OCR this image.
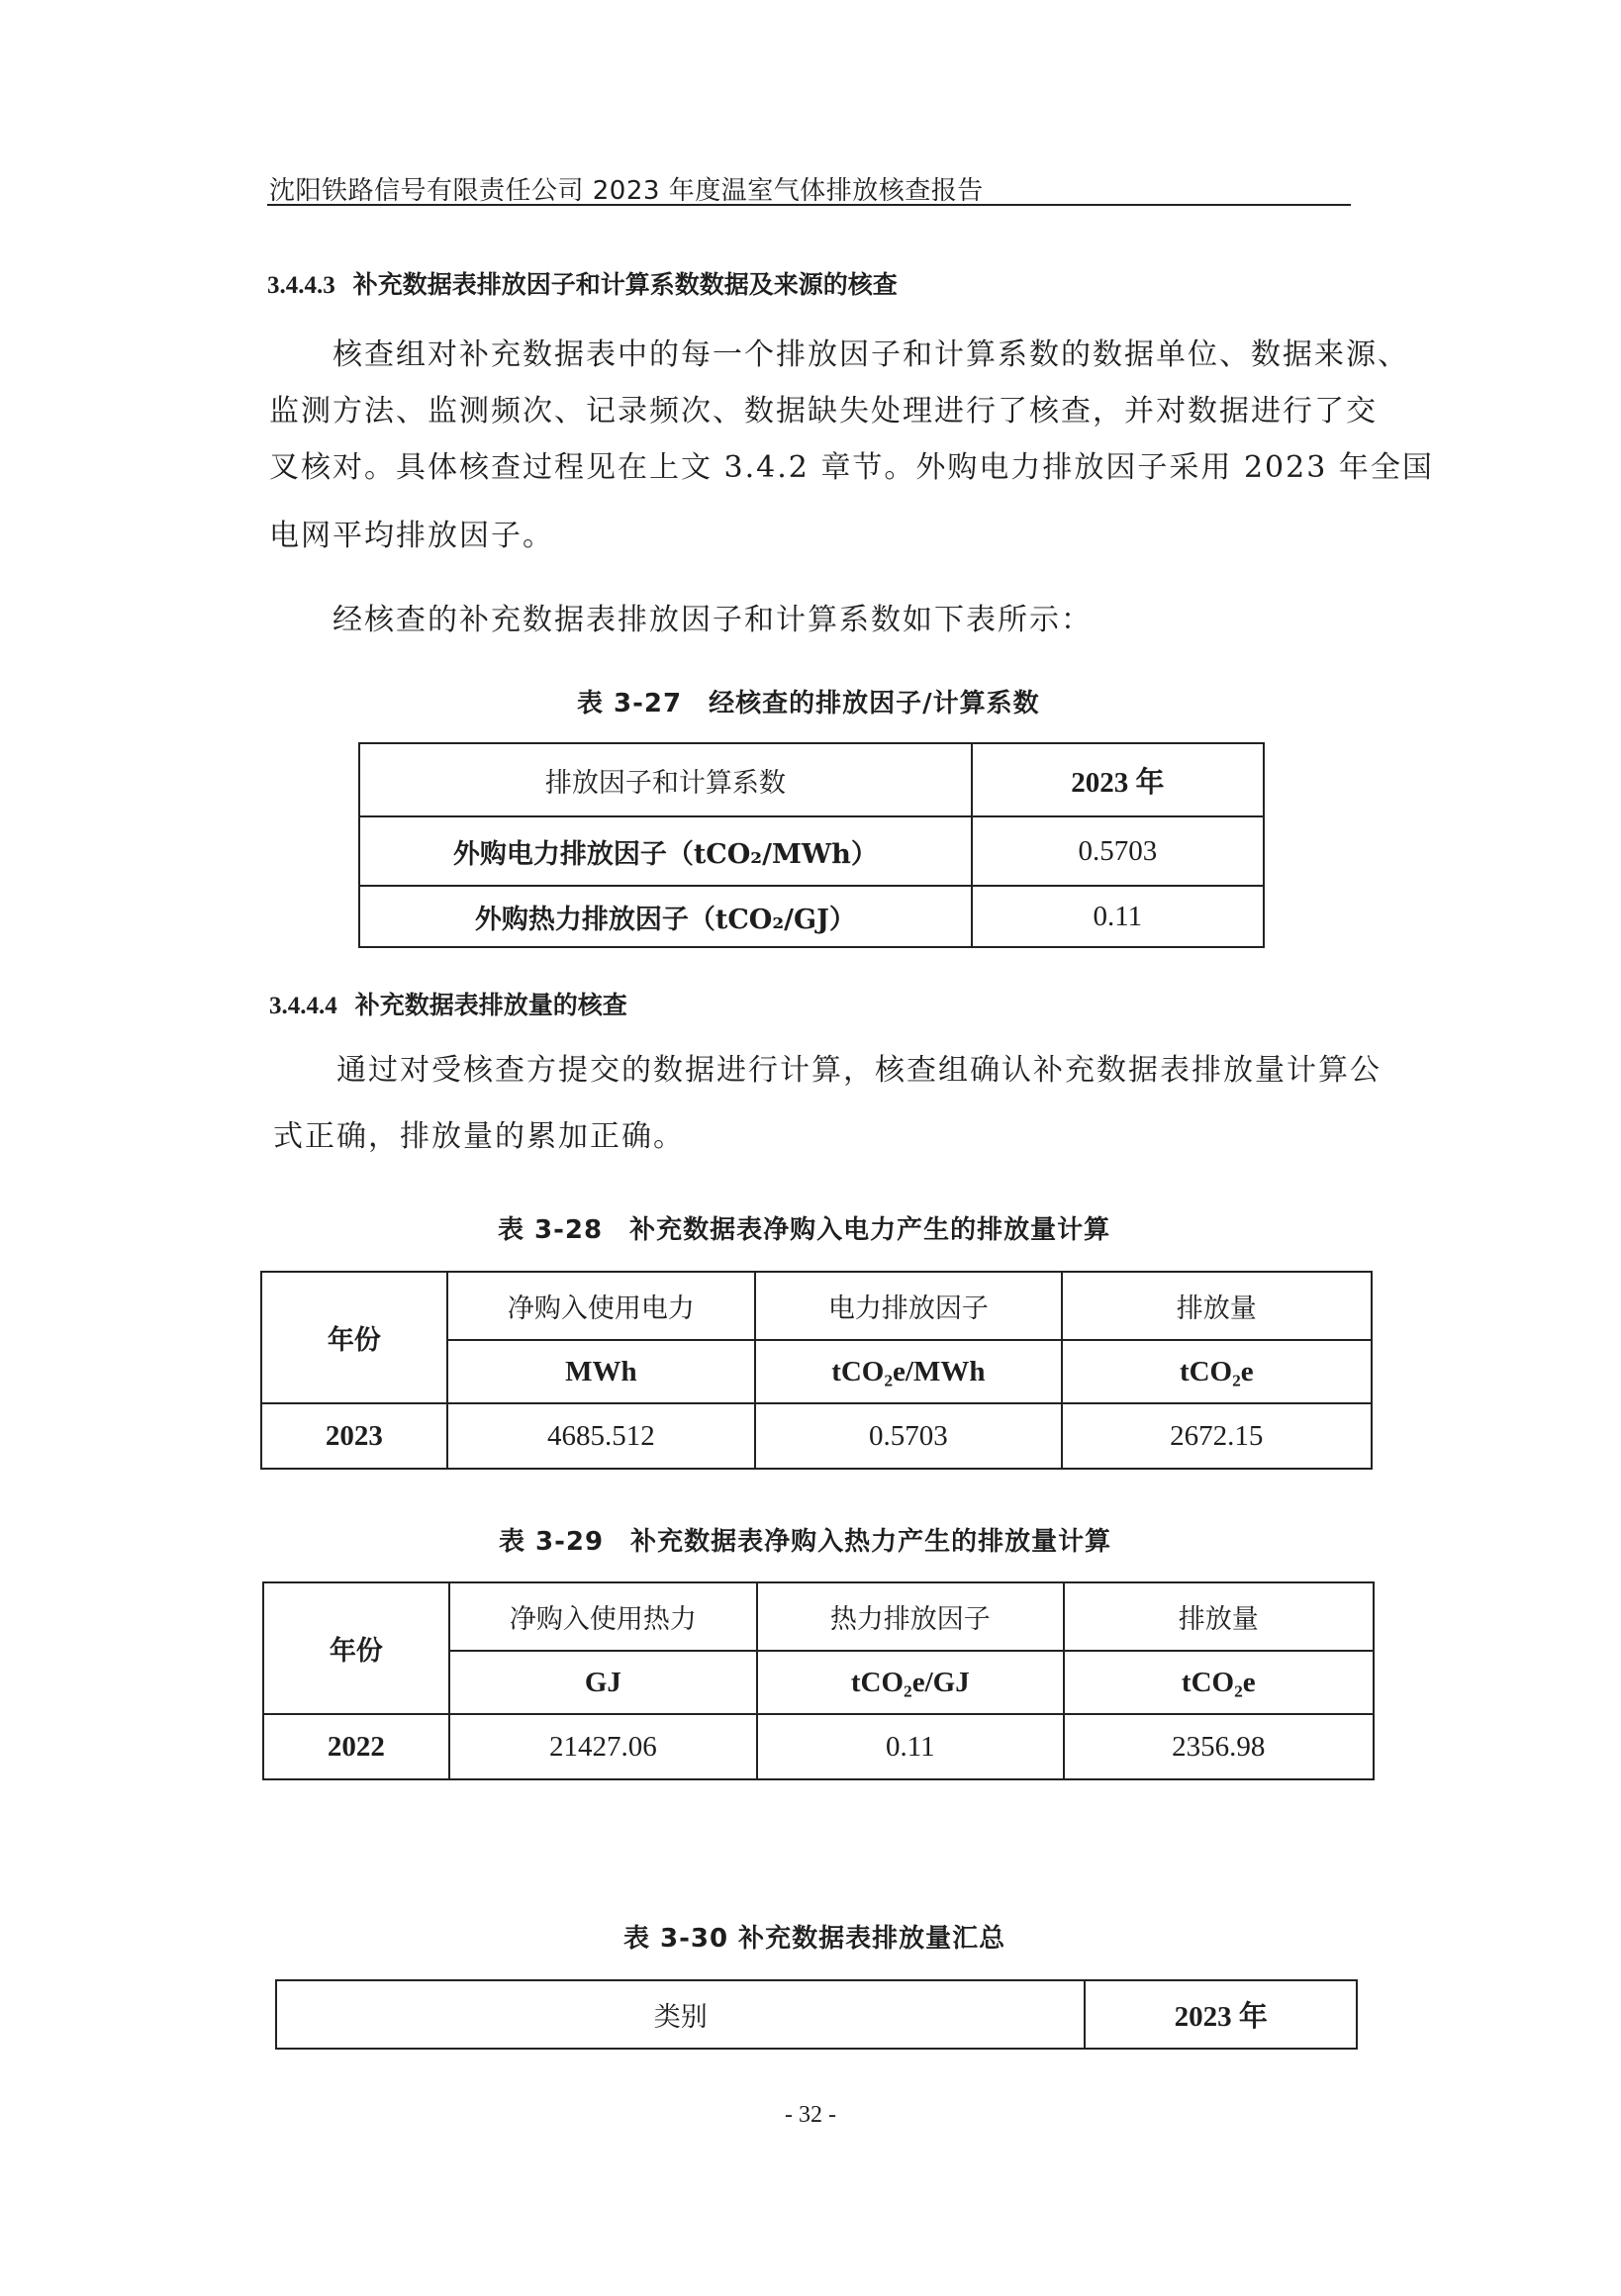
沈阳铁路信号有限责任公司 2023 年度温室气体排放核查报告
3.4.4.3 补充数据表排放因子和计算系数数据及来源的核查
核查组对补充数据表中的每一个排放因子和计算系数的数据单位、数据来源、
监测方法、监测频次、记录频次、数据缺失处理进行了核查，并对数据进行了交
叉核对。具体核查过程见在上文 3.4.2 章节。外购电力排放因子采用 2023 年全国
电网平均排放因子。
经核查的补充数据表排放因子和计算系数如下表所示：
表 3-27　经核查的排放因子/计算系数
排放因子和计算系数	2023 年
外购电力排放因子（tCO₂/MWh）	0.5703
外购热力排放因子（tCO₂/GJ）	0.11
3.4.4.4 补充数据表排放量的核查
通过对受核查方提交的数据进行计算，核查组确认补充数据表排放量计算公
式正确，排放量的累加正确。
表 3-28　补充数据表净购入电力产生的排放量计算
年份	净购入使用电力	电力排放因子	排放量
	MWh	tCO₂e/MWh	tCO₂e
2023	4685.512	0.5703	2672.15
表 3-29　补充数据表净购入热力产生的排放量计算
年份	净购入使用热力	热力排放因子	排放量
	GJ	tCO₂e/GJ	tCO₂e
2022	21427.06	0.11	2356.98
表 3-30 补充数据表排放量汇总
类别	2023 年
- 32 -
